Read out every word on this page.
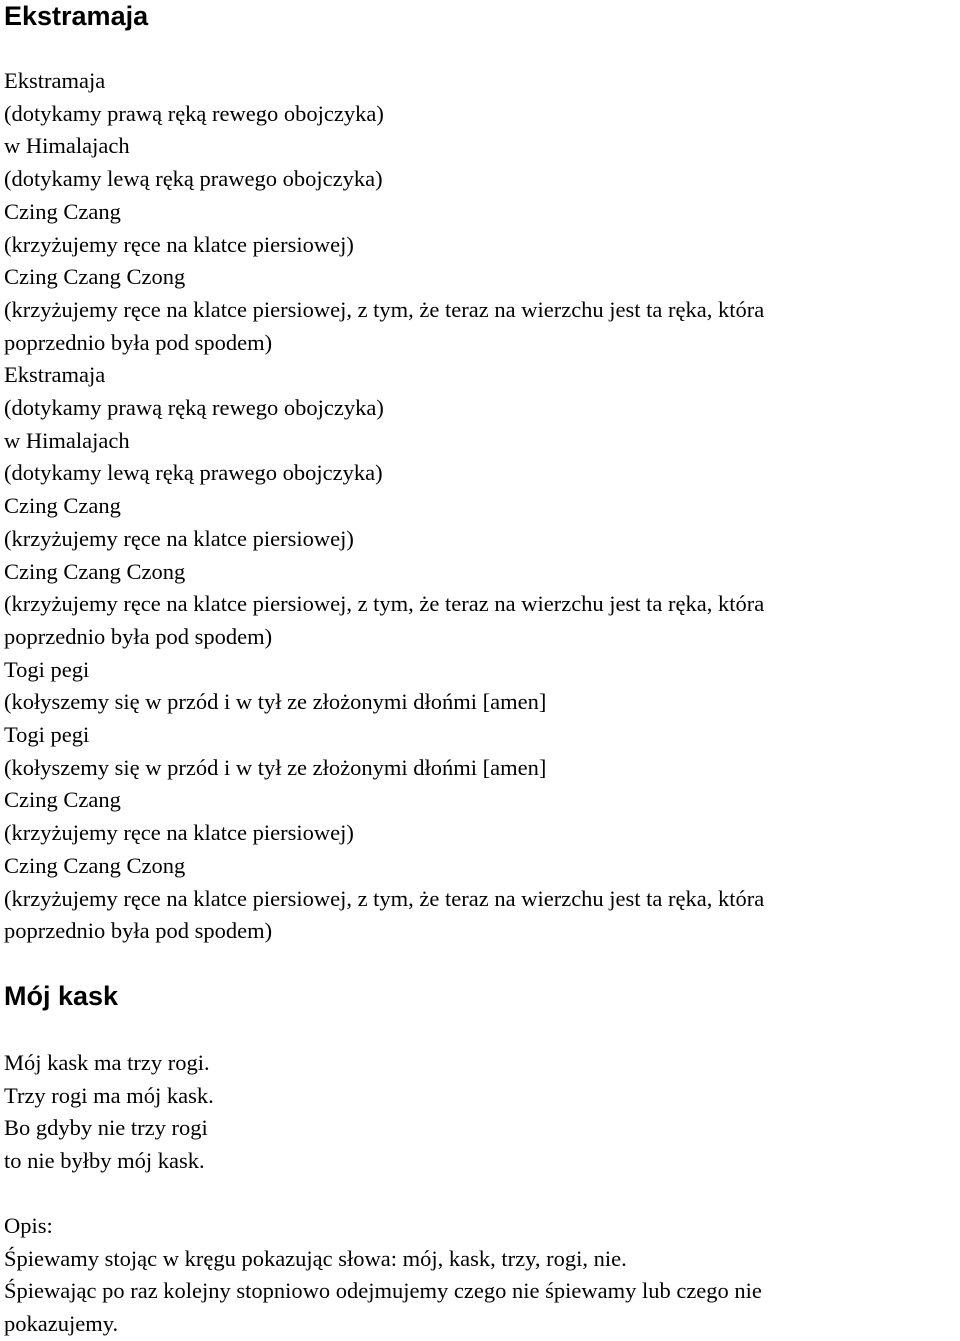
Ekstramaja
Ekstramaja
(dotykamy prawą ręką rewego obojczyka)
w Himalajach
(dotykamy lewą ręką prawego obojczyka)
Czing Czang
(krzyżujemy ręce na klatce piersiowej)
Czing Czang Czong
(krzyżujemy ręce na klatce piersiowej, z tym, że teraz na wierzchu jest ta ręka, która
poprzednio była pod spodem)
Ekstramaja
(dotykamy prawą ręką rewego obojczyka)
w Himalajach
(dotykamy lewą ręką prawego obojczyka)
Czing Czang
(krzyżujemy ręce na klatce piersiowej)
Czing Czang Czong
(krzyżujemy ręce na klatce piersiowej, z tym, że teraz na wierzchu jest ta ręka, która
poprzednio była pod spodem)
Togi pegi
(kołyszemy się w przód i w tył ze złożonymi dłońmi [amen]
Togi pegi
(kołyszemy się w przód i w tył ze złożonymi dłońmi [amen]
Czing Czang
(krzyżujemy ręce na klatce piersiowej)
Czing Czang Czong
(krzyżujemy ręce na klatce piersiowej, z tym, że teraz na wierzchu jest ta ręka, która
poprzednio była pod spodem)
Mój kask
Mój kask ma trzy rogi.
Trzy rogi ma mój kask.
Bo gdyby nie trzy rogi
to nie byłby mój kask.
Opis:
Śpiewamy stojąc w kręgu pokazując słowa: mój, kask, trzy, rogi, nie.
Śpiewając po raz kolejny stopniowo odejmujemy czego nie śpiewamy lub czego nie
pokazujemy.
